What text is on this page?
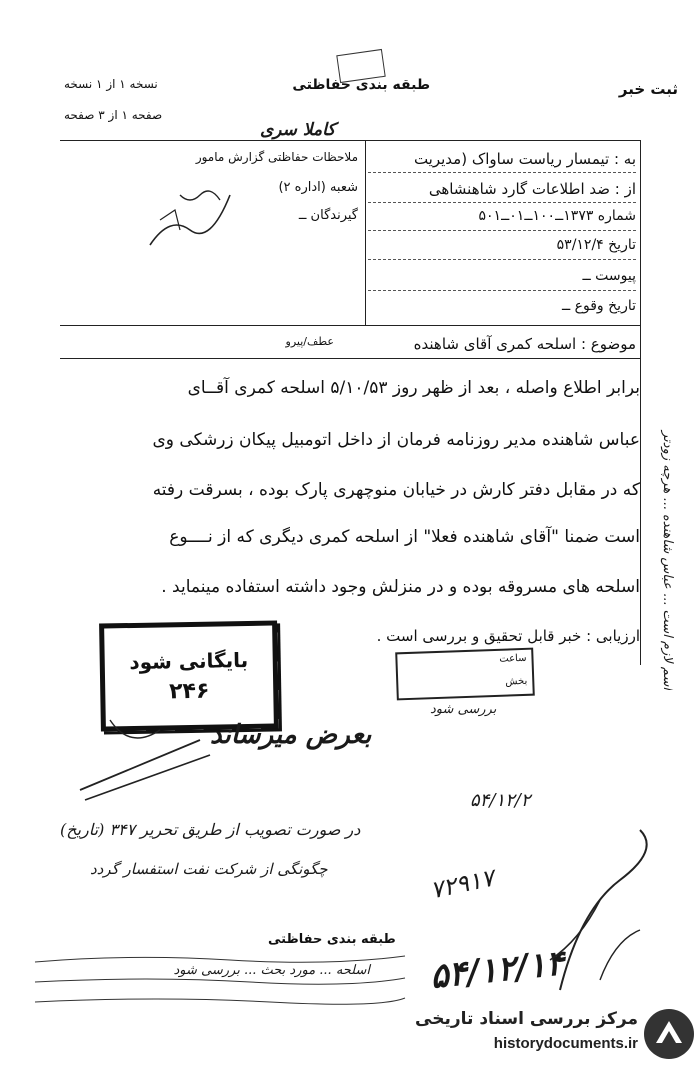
ثبت خبر
طبقه بندی حفاظتی
نسخه ۱ از ۱ نسخه
صفحه ۱ از ۳ صفحه
کاملا سری
به : تیمسار ریاست ساواک (مدیریت
از : ضد اطلاعات گارد شاهنشاهی
شماره ۱۳۷۳ــ۱۰۰ــ۰۱ــ۵۰۱
تاریخ ۵۳/۱۲/۴
پیوست ــ
تاریخ وقوع ــ
ملاحظات حفاظتی گزارش مامور
شعبه (اداره ۲)
گیرندگان ــ
موضوع : اسلحه کمری آقای شاهنده
عطف/پیرو
برابر اطلاع واصله ، بعد از ظهر روز ۵/۱۰/۵۳ اسلحه کمری آقــای
عباس شاهنده مدیر روزنامه فرمان از داخل اتومبیل پیکان زرشکی وی
که در مقابل دفتر کارش در خیابان منوچهری پارک بوده ، بسرقت رفته
است ضمنا "آقای شاهنده فعلا" از اسلحه کمری دیگری که از نــــوع
اسلحه های مسروقه بوده و در منزلش وجود داشته استفاده مینماید .
ارزیابی : خبر قابل تحقیق و بررسی است . اسم لازم است ... عباس شاهنده ... هرچه زودتر
بایگانی شود
۲۴۶
ساعت
بخش
بعرض میرساند
بررسی شود
۵۴/۱۲/۲
در صورت تصویب از طریق تحریر ۳۴۷ (تاریخ)
چگونگی از شرکت نفت استفسار گردد	۷۲۹۱۷
۵۴/۱۲/۱۴
طبقه بندی حفاظتی
اسلحه ... مورد بحث ... بررسی شود
مرکز بررسی اسناد تاریخی
historydocuments.ir
